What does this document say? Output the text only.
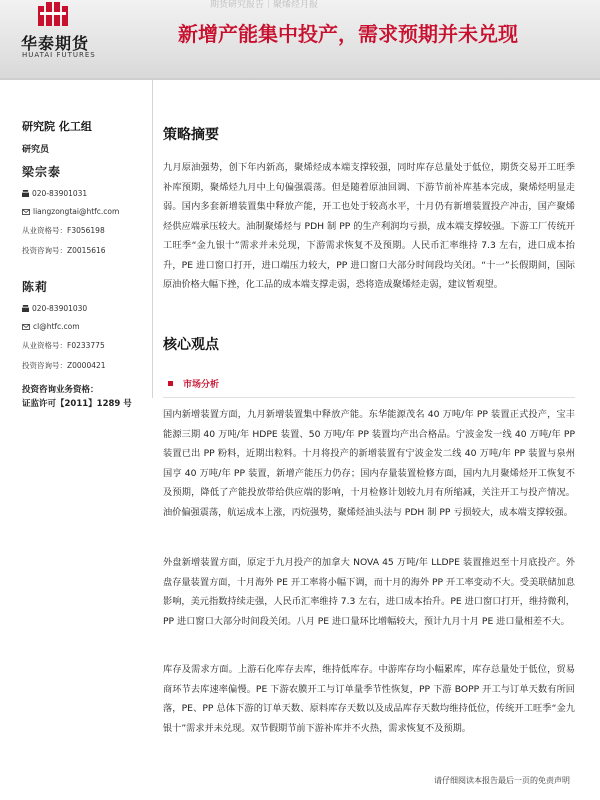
期货研究报告｜聚烯烃月报
华泰期货
HUATAI FUTURES
新增产能集中投产，需求预期并未兑现
研究院 化工组
研究员
梁宗泰
020-83901031
liangzongtai@htfc.com
从业资格号：F3056198
投资咨询号：Z0015616
陈莉
020-83901030
cl@htfc.com
从业资格号：F0233775
投资咨询号：Z0000421
投资咨询业务资格：
证监许可【2011】1289 号
策略摘要
九月原油强势，创下年内新高，聚烯烃成本端支撑较强，同时库存总量处于低位，期货交易开工旺季补库预期，聚烯烃九月中上旬偏强震荡。但是随着原油回调、下游节前补库基本完成，聚烯烃明显走弱。国内多套新增装置集中释放产能，开工也处于较高水平，十月仍有新增装置投产冲击，国产聚烯烃供应端承压较大。油制聚烯烃与 PDH 制 PP 的生产利润均亏损，成本端支撑较强。下游工厂传统开工旺季“金九银十”需求并未兑现，下游需求恢复不及预期。人民币汇率维持 7.3 左右，进口成本抬升，PE 进口窗口打开，进口端压力较大，PP 进口窗口大部分时间段均关闭。“十一”长假期间，国际原油价格大幅下挫，化工品的成本端支撑走弱，恐将造成聚烯烃走弱，建议暂观望。
核心观点
市场分析
国内新增装置方面，九月新增装置集中释放产能。东华能源茂名 40 万吨/年 PP 装置正式投产，宝丰能源三期 40 万吨/年 HDPE 装置、50 万吨/年 PP 装置均产出合格品。宁波金发一线 40 万吨/年 PP 装置已出 PP 粉料，近期出粒料。十月将投产的新增装置有宁波金发二线 40 万吨/年 PP 装置与泉州国亨 40 万吨/年 PP 装置，新增产能压力仍存；国内存量装置检修方面，国内九月聚烯烃开工恢复不及预期，降低了产能投放带给供应端的影响，十月检修计划较九月有所缩减，关注开工与投产情况。油价偏强震荡，航运成本上涨，丙烷强势，聚烯烃油头法与 PDH 制 PP 亏损较大，成本端支撑较强。
外盘新增装置方面，原定于九月投产的加拿大 NOVA 45 万吨/年 LLDPE 装置推迟至十月底投产。外盘存量装置方面，十月海外 PE 开工率将小幅下调，而十月的海外 PP 开工率变动不大。受美联储加息影响，美元指数持续走强，人民币汇率维持 7.3 左右，进口成本抬升。PE 进口窗口打开，维持微利，PP 进口窗口大部分时间段关闭。八月 PE 进口量环比增幅较大，预计九月十月 PE 进口量相差不大。
库存及需求方面。上游石化库存去库，维持低库存。中游库存均小幅累库，库存总量处于低位，贸易商环节去库速率偏慢。PE 下游农膜开工与订单量季节性恢复，PP 下游 BOPP 开工与订单天数有所回落，PE、PP 总体下游的订单天数、原料库存天数以及成品库存天数均维持低位，传统开工旺季“金九银十”需求并未兑现。双节假期节前下游补库并不火热，需求恢复不及预期。
请仔细阅读本报告最后一页的免责声明
